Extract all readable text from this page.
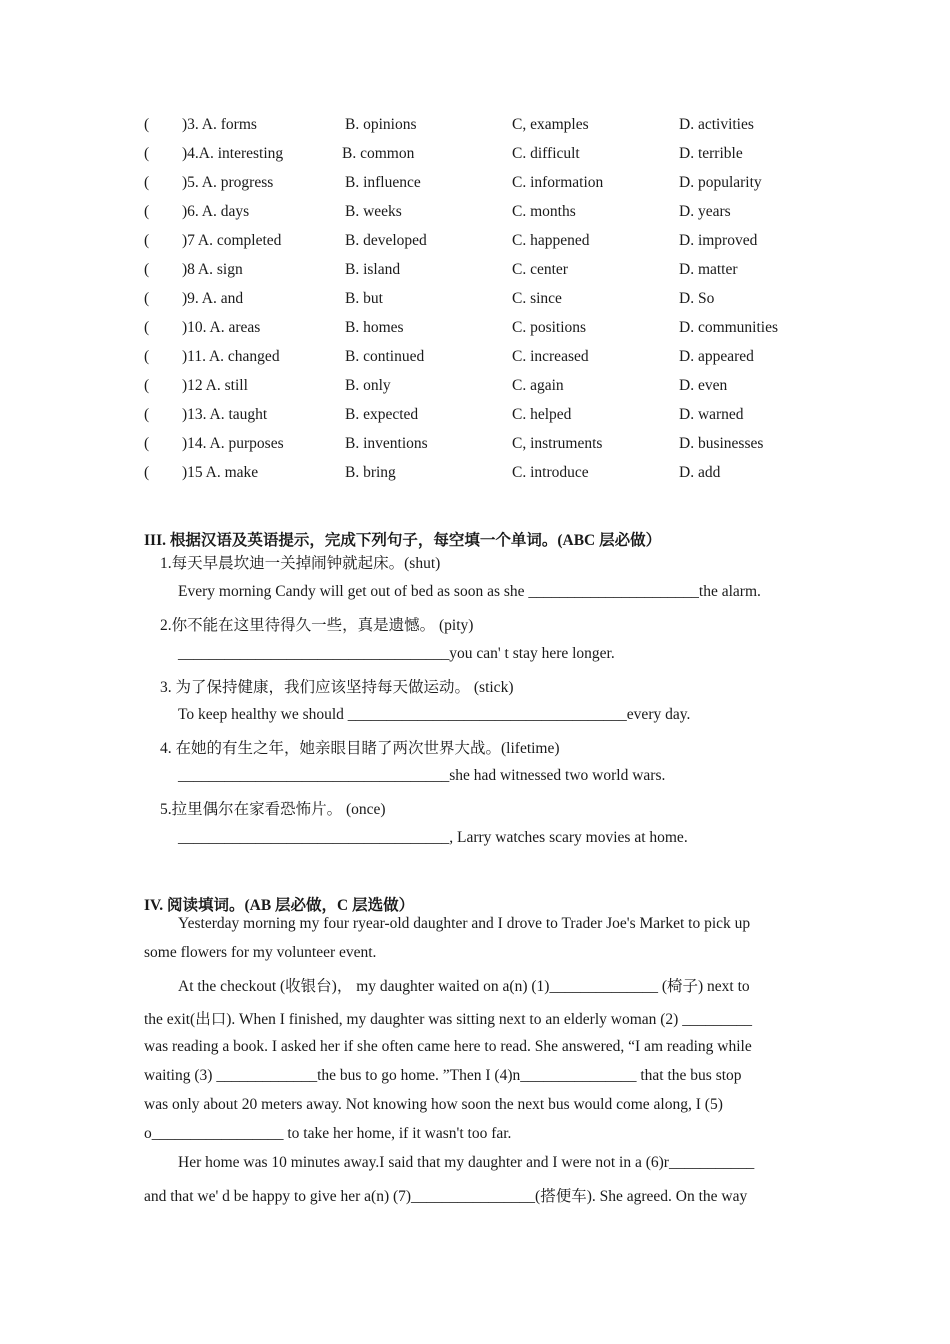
( )3. A. forms	B. opinions	C, examples	D. activities
( )4.A. interesting	B. common	C. difficult	D. terrible
( )5. A. progress	B. influence	C. information	D. popularity
( )6. A. days	B. weeks	C. months	D. years
( )7 A. completed	B. developed	C. happened	D. improved
( )8 A. sign	B. island	C. center	D. matter
( )9. A. and	B. but	C. since	D. So
( )10. A. areas	B. homes	C. positions	D. communities
( )11. A. changed	B. continued	C. increased	D. appeared
( )12 A. still	B. only	C. again	D. even
( )13. A. taught	B. expected	C. helped	D. warned
( )14. A. purposes	B. inventions	C, instruments	D. businesses
( )15 A. make	B. bring	C. introduce	D. add
III. 根据汉语及英语提示，完成下列句子，每空填一个单词。(ABC 层必做）
1.每天早晨坎迪一关掉闹钟就起床。(shut)
Every morning Candy will get out of bed as soon as she ______________________the alarm.
2.你不能在这里待得久一些，真是遗憾。 (pity)
___________________________________you can' t stay here longer.
3. 为了保持健康，我们应该坚持每天做运动。 (stick)
To keep healthy we should ____________________________________every day.
4. 在她的有生之年，她亲眼目睹了两次世界大战。(lifetime)
___________________________________she had witnessed two world wars.
5.拉里偶尔在家看恐怖片。 (once)
___________________________________, Larry watches scary movies at home.
IV. 阅读填词。(AB 层必做，C 层选做）
Yesterday morning my four ryear-old daughter and I drove to Trader Joe's Market to pick up
some flowers for my volunteer event.
At the checkout (收银台)， my daughter waited on a(n) (1)______________ (椅子) next to
the exit(出口). When I finished, my daughter was sitting next to an elderly woman (2) _________
was reading a book. I asked her if she often came here to read. She answered, “I am reading while
waiting (3) _____________the bus to go home. ”Then I (4)n_______________ that the bus stop
was only about 20 meters away. Not knowing how soon the next bus would come along, I (5)
o_________________ to take her home, if it wasn't too far.
Her home was 10 minutes away.I said that my daughter and I were not in a (6)r___________
and that we' d be happy to give her a(n) (7)________________(搭便车). She agreed. On the way
